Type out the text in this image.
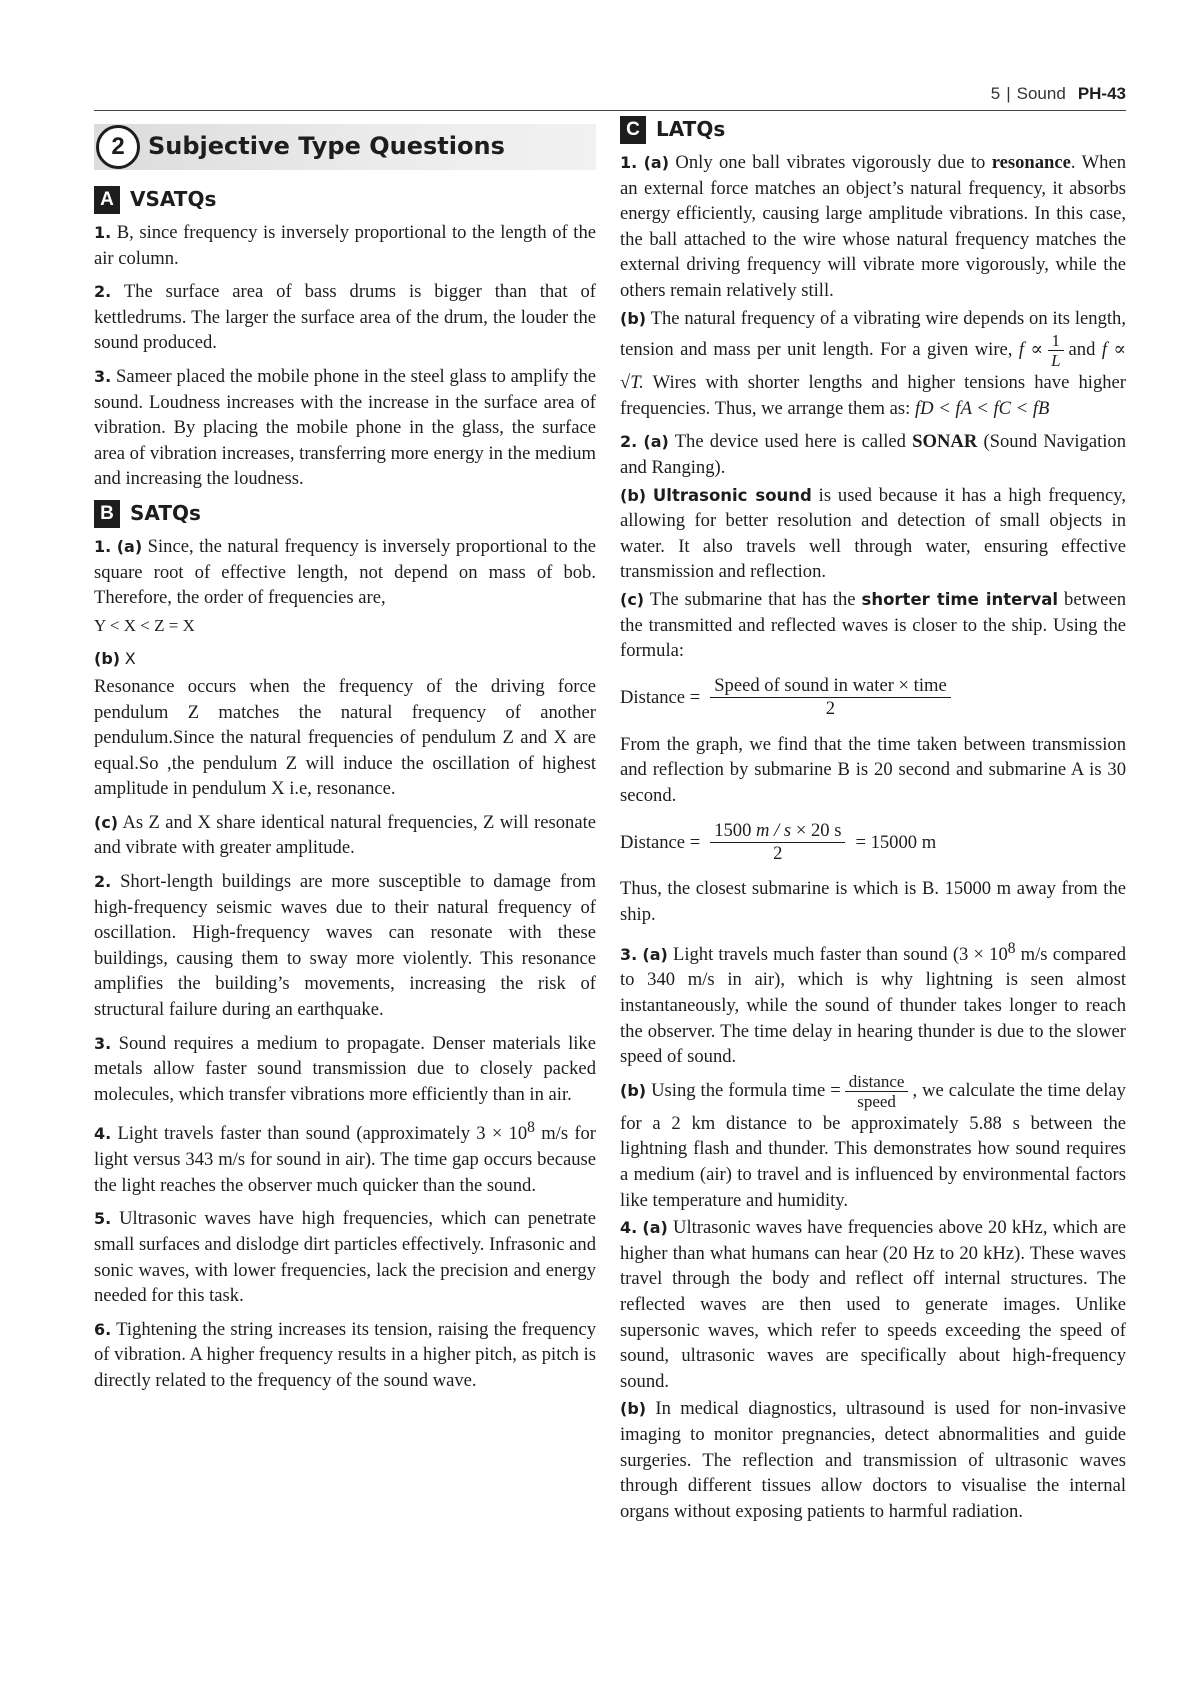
5 | Sound PH-43
2 Subjective Type Questions
A VSATQs

1. B, since frequency is inversely proportional to the length of the air column.

2. The surface area of bass drums is bigger than that of kettledrums. The larger the surface area of the drum, the louder the sound produced.

3. Sameer placed the mobile phone in the steel glass to amplify the sound. Loudness increases with the increase in the surface area of vibration. By placing the mobile phone in the glass, the surface area of vibration increases, transferring more energy in the medium and increasing the loudness.

B SATQs

1. (a) Since, the natural frequency is inversely proportional to the square root of effective length, not depend on mass of bob. Therefore, the order of frequencies are,

Y < X < Z = X

(b) X

Resonance occurs when the frequency of the driving force pendulum Z matches the natural frequency of another pendulum.Since the natural frequencies of pendulum Z and X are equal.So ,the pendulum Z will induce the oscillation of highest amplitude in pendulum X i.e, resonance.

(c) As Z and X share identical natural frequencies, Z will resonate and vibrate with greater amplitude.

2. Short-length buildings are more susceptible to damage from high-frequency seismic waves due to their natural frequency of oscillation. High-frequency waves can resonate with these buildings, causing them to sway more violently. This resonance amplifies the building’s movements, increasing the risk of structural failure during an earthquake.

3. Sound requires a medium to propagate. Denser materials like metals allow faster sound transmission due to closely packed molecules, which transfer vibrations more efficiently than in air.

4. Light travels faster than sound (approximately $3 \times 10^8$ m/s for light versus 343 m/s for sound in air). The time gap occurs because the light reaches the observer much quicker than the sound.

5. Ultrasonic waves have high frequencies, which can penetrate small surfaces and dislodge dirt particles effectively. Infrasonic and sonic waves, with lower frequencies, lack the precision and energy needed for this task.

6. Tightening the string increases its tension, raising the frequency of vibration. A higher frequency results in a higher pitch, as pitch is directly related to the frequency of the sound wave.

C LATQs

1. (a) Only one ball vibrates vigorously due to resonance. When an external force matches an object’s natural frequency, it absorbs energy efficiently, causing large amplitude vibrations. In this case, the ball attached to the wire whose natural frequency matches the external driving frequency will vibrate more vigorously, while the others remain relatively still.

(b) The natural frequency of a vibrating wire depends on its length, tension and mass per unit length. For a given wire, $f \propto \frac{1}{L}$ and f ∝ √T. Wires with shorter lengths and higher tensions have higher frequencies. Thus, we arrange them as: fD < fA < fC < fB

2. (a) The device used here is called SONAR (Sound Navigation and Ranging).

(b) Ultrasonic sound is used because it has a high frequency, allowing for better resolution and detection of small objects in water. It also travels well through water, ensuring effective transmission and reflection.

(c) The submarine that has the shorter time interval between the transmitted and reflected waves is closer to the ship. Using the formula:

Distance = $\frac{\text{Speed of sound in water × time}}{2}$

From the graph, we find that the time taken between transmission and reflection by submarine B is 20 second and submarine A is 30 second.

Distance = $\frac{1500 m / s \times 20 s}{2} = 15000$ m

Thus, the closest submarine is which is B. 15000 m away from the ship.

3. (a) Light travels much faster than sound ($3 \times 10^8$ m/s compared to 340 m/s in air), which is why lightning is seen almost instantaneously, while the sound of thunder takes longer to reach the observer. The time delay in hearing thunder is due to the slower speed of sound.

(b) Using the formula time = $\frac{\text{distance}}{\text{speed}}$ , we calculate the time delay for a 2 km distance to be approximately 5.88 s between the lightning flash and thunder. This demonstrates how sound requires a medium (air) to travel and is influenced by environmental factors like temperature and humidity.

4. (a) Ultrasonic waves have frequencies above 20 kHz, which are higher than what humans can hear (20 Hz to 20 kHz). These waves travel through the body and reflect off internal structures. The reflected waves are then used to generate images. Unlike supersonic waves, which refer to speeds exceeding the speed of sound, ultrasonic waves are specifically about high-frequency sound.

(b) In medical diagnostics, ultrasound is used for non-invasive imaging to monitor pregnancies, detect abnormalities and guide surgeries. The reflection and transmission of ultrasonic waves through different tissues allow doctors to visualise the internal organs without exposing patients to harmful radiation.
